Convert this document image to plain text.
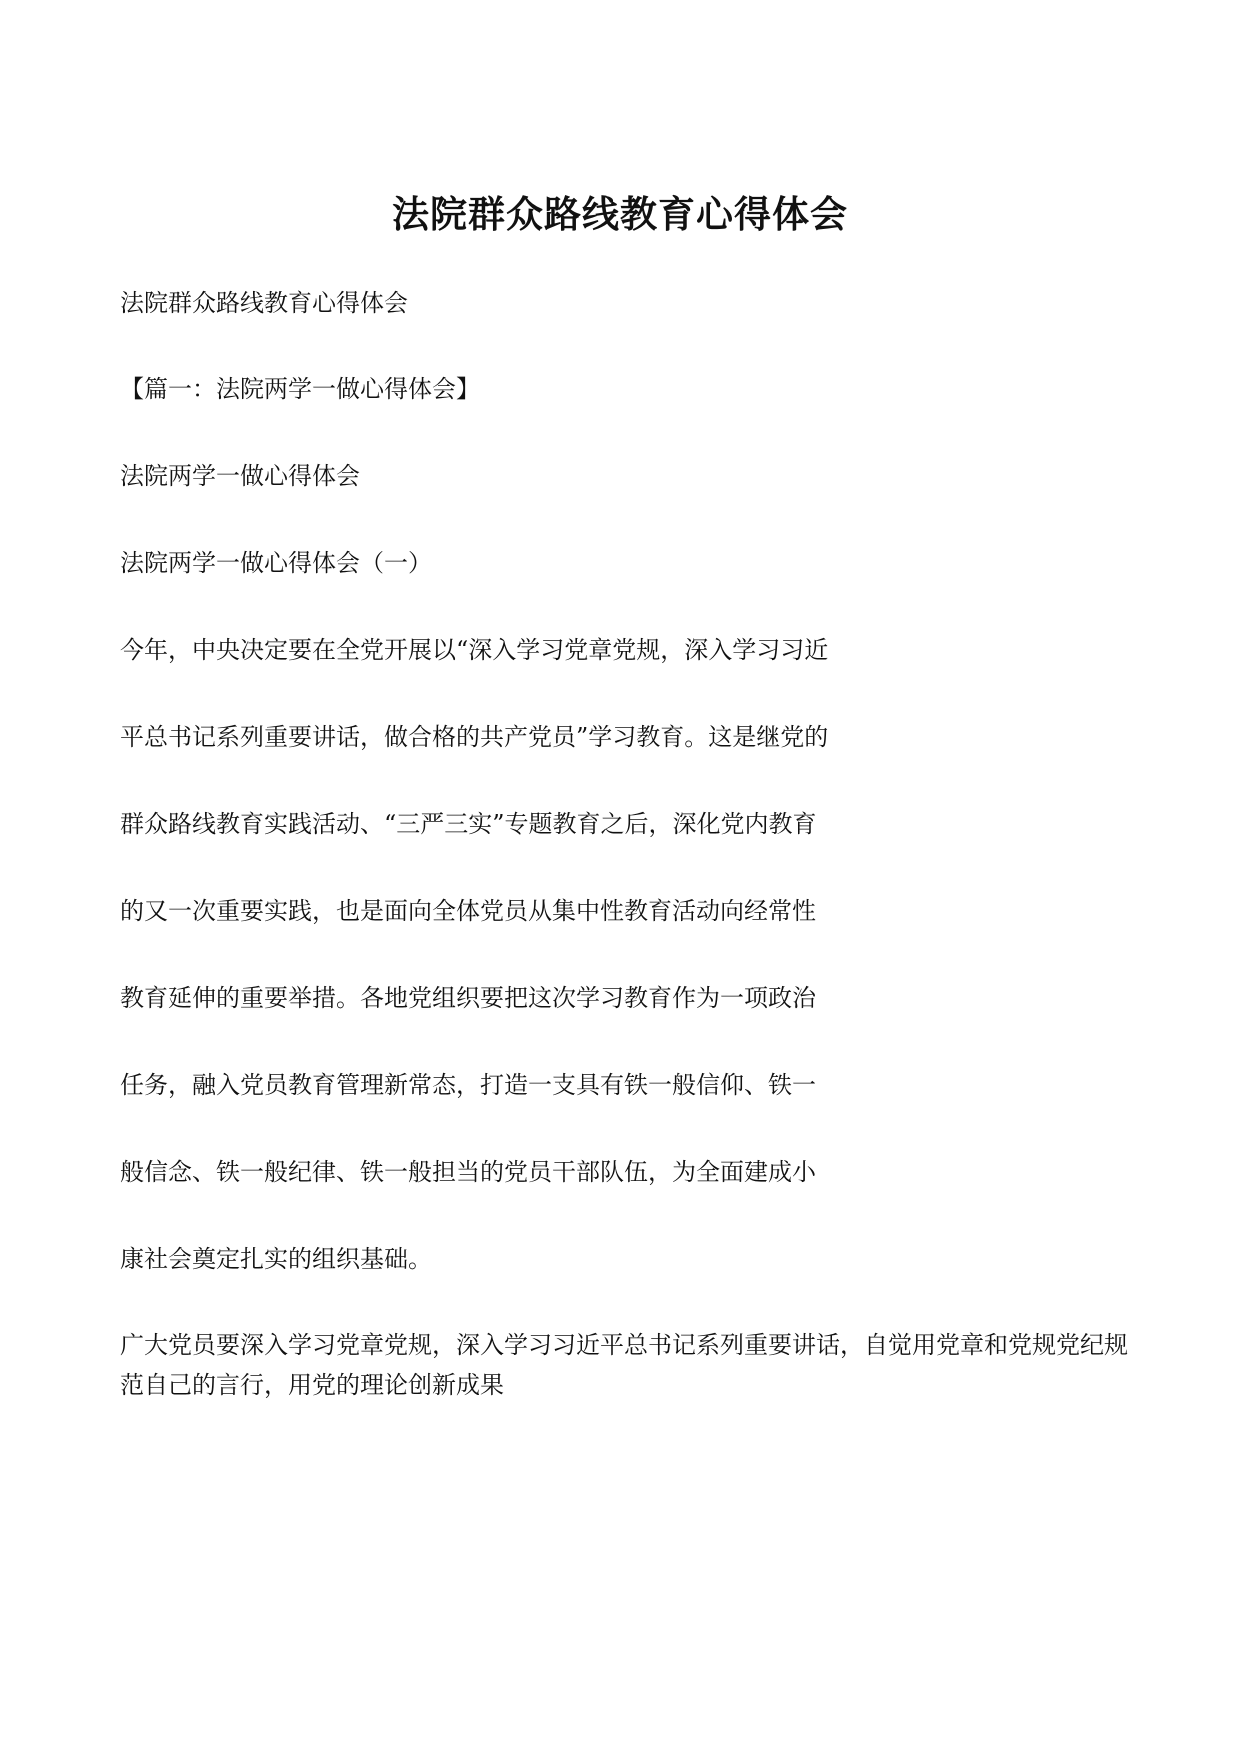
法院群众路线教育心得体会
法院群众路线教育心得体会
【篇一：法院两学一做心得体会】
法院两学一做心得体会
法院两学一做心得体会（一）
今年，中央决定要在全党开展以“深入学习党章党规，深入学习习近
平总书记系列重要讲话，做合格的共产党员”学习教育。这是继党的
群众路线教育实践活动、“三严三实”专题教育之后，深化党内教育
的又一次重要实践，也是面向全体党员从集中性教育活动向经常性
教育延伸的重要举措。各地党组织要把这次学习教育作为一项政治
任务，融入党员教育管理新常态，打造一支具有铁一般信仰、铁一
般信念、铁一般纪律、铁一般担当的党员干部队伍，为全面建成小
康社会奠定扎实的组织基础。
广大党员要深入学习党章党规，深入学习习近平总书记系列重要讲话，自觉用党章和党规党纪规范自己的言行，用党的理论创新成果
